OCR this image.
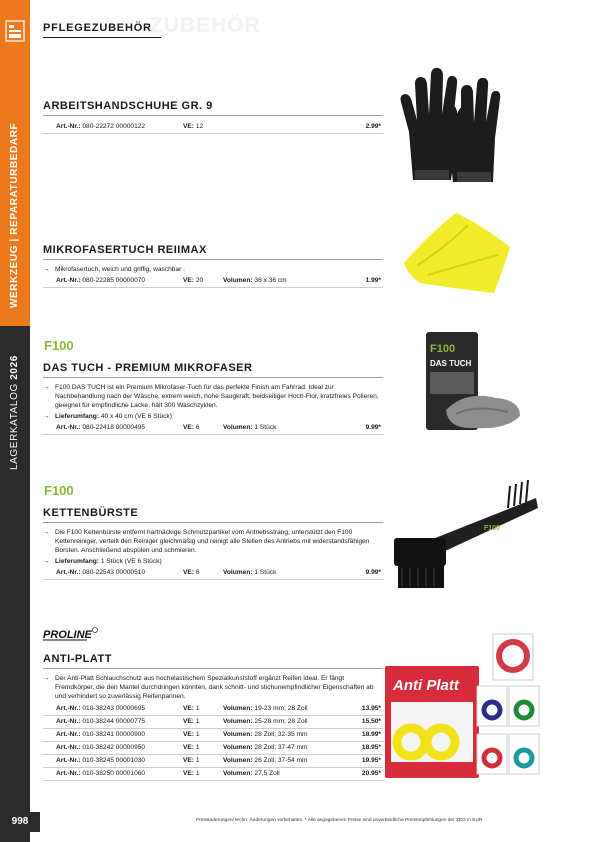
WERKZEUG | REPARATURBEDARF
LAGERKATALOG 2026
998
ZUBEHÖR
PFLEGEZUBEHÖR

ARBEITSHANDSCHUHE GR. 9

Art.-Nr.: 080-22272 00000122	VE: 12	2.99*

MIKROFASERTUCH REIIMAX

→ Mikrofasertuch, weich und griffig, waschbar .

Art.-Nr.: 080-22285 00000070	VE: 20	Volumen: 36 x 36 cm	1.99*
F100	F100
DAS TUCH

DAS TUCH - PREMIUM MIKROFASER

→ F100 DAS TUCH ist ein Premium Mikrofaser-Tuch für das perfekte Finish am Fahrrad. Ideal zur Nachbehandlung nach der Wäsche, extrem weich, hohe Saugkraft, beidseitiger Hoch-Flor, kratzfreies Polieren, geeignet für empfindliche Lacke, hält 300 Waschzyklen.

→ Lieferumfang: 40 x 40 cm (VE 6 Stück)

Art.-Nr.: 080-22418 00000495	VE: 6	Volumen: 1 Stück	9.99*
F100
F100

KETTENBÜRSTE

→ Die F100 Kettenbürste entfernt hartnäckige Schmutzpartikel vom Antriebsstrang, unterstützt den F100 Kettenreiniger, verteilt den Reiniger gleichmäßig und reinigt alle Stellen des Antriebs mit widerstandsfähigen Borsten. Anschließend abspülen und schmieren.

→ Lieferumfang: 1 Stück (VE 6 Stück)

Art.-Nr.: 080-22543 00000510	VE: 6	Volumen: 1 Stück	9.99*
PROLINE
Anti Platt

ANTI-PLATT

→ Der Anti-Platt Schlauchschutz aus hochelastischem Spezialkunststoff ergänzt Reifen ideal. Er fängt Fremdkörper, die den Mantel durchdringen könnten, dank schnitt- und stichunempfindlicher Eigenschaften ab und verhindert so zuverlässig Reifenpannen.

Art.-Nr.: 010-38243 00000695	VE: 1	Volumen: 19-23 mm; 28 Zoll	13.95*
Art.-Nr.: 010-38244 00000775	VE: 1	Volumen: 25-28 mm; 28 Zoll	15.50*
Art.-Nr.: 010-38241 00000900	VE: 1	Volumen: 28 Zoll; 32-35 mm	18.99*
Art.-Nr.: 010-38242 00000950	VE: 1	Volumen: 28 Zoll; 37-47 mm	18.95*
Art.-Nr.: 010-38245 00001030	VE: 1	Volumen: 26 Zoll; 37-54 mm	19.95*
Art.-Nr.: 010-38250 00001060	VE: 1	Volumen: 27,5 Zoll	20.95*
Preisänderungen/ techn. Änderungen vorbehalten. * Alle angegebenen Preise sind unverbindliche Preisempfehlungen der ZEG in EUR
